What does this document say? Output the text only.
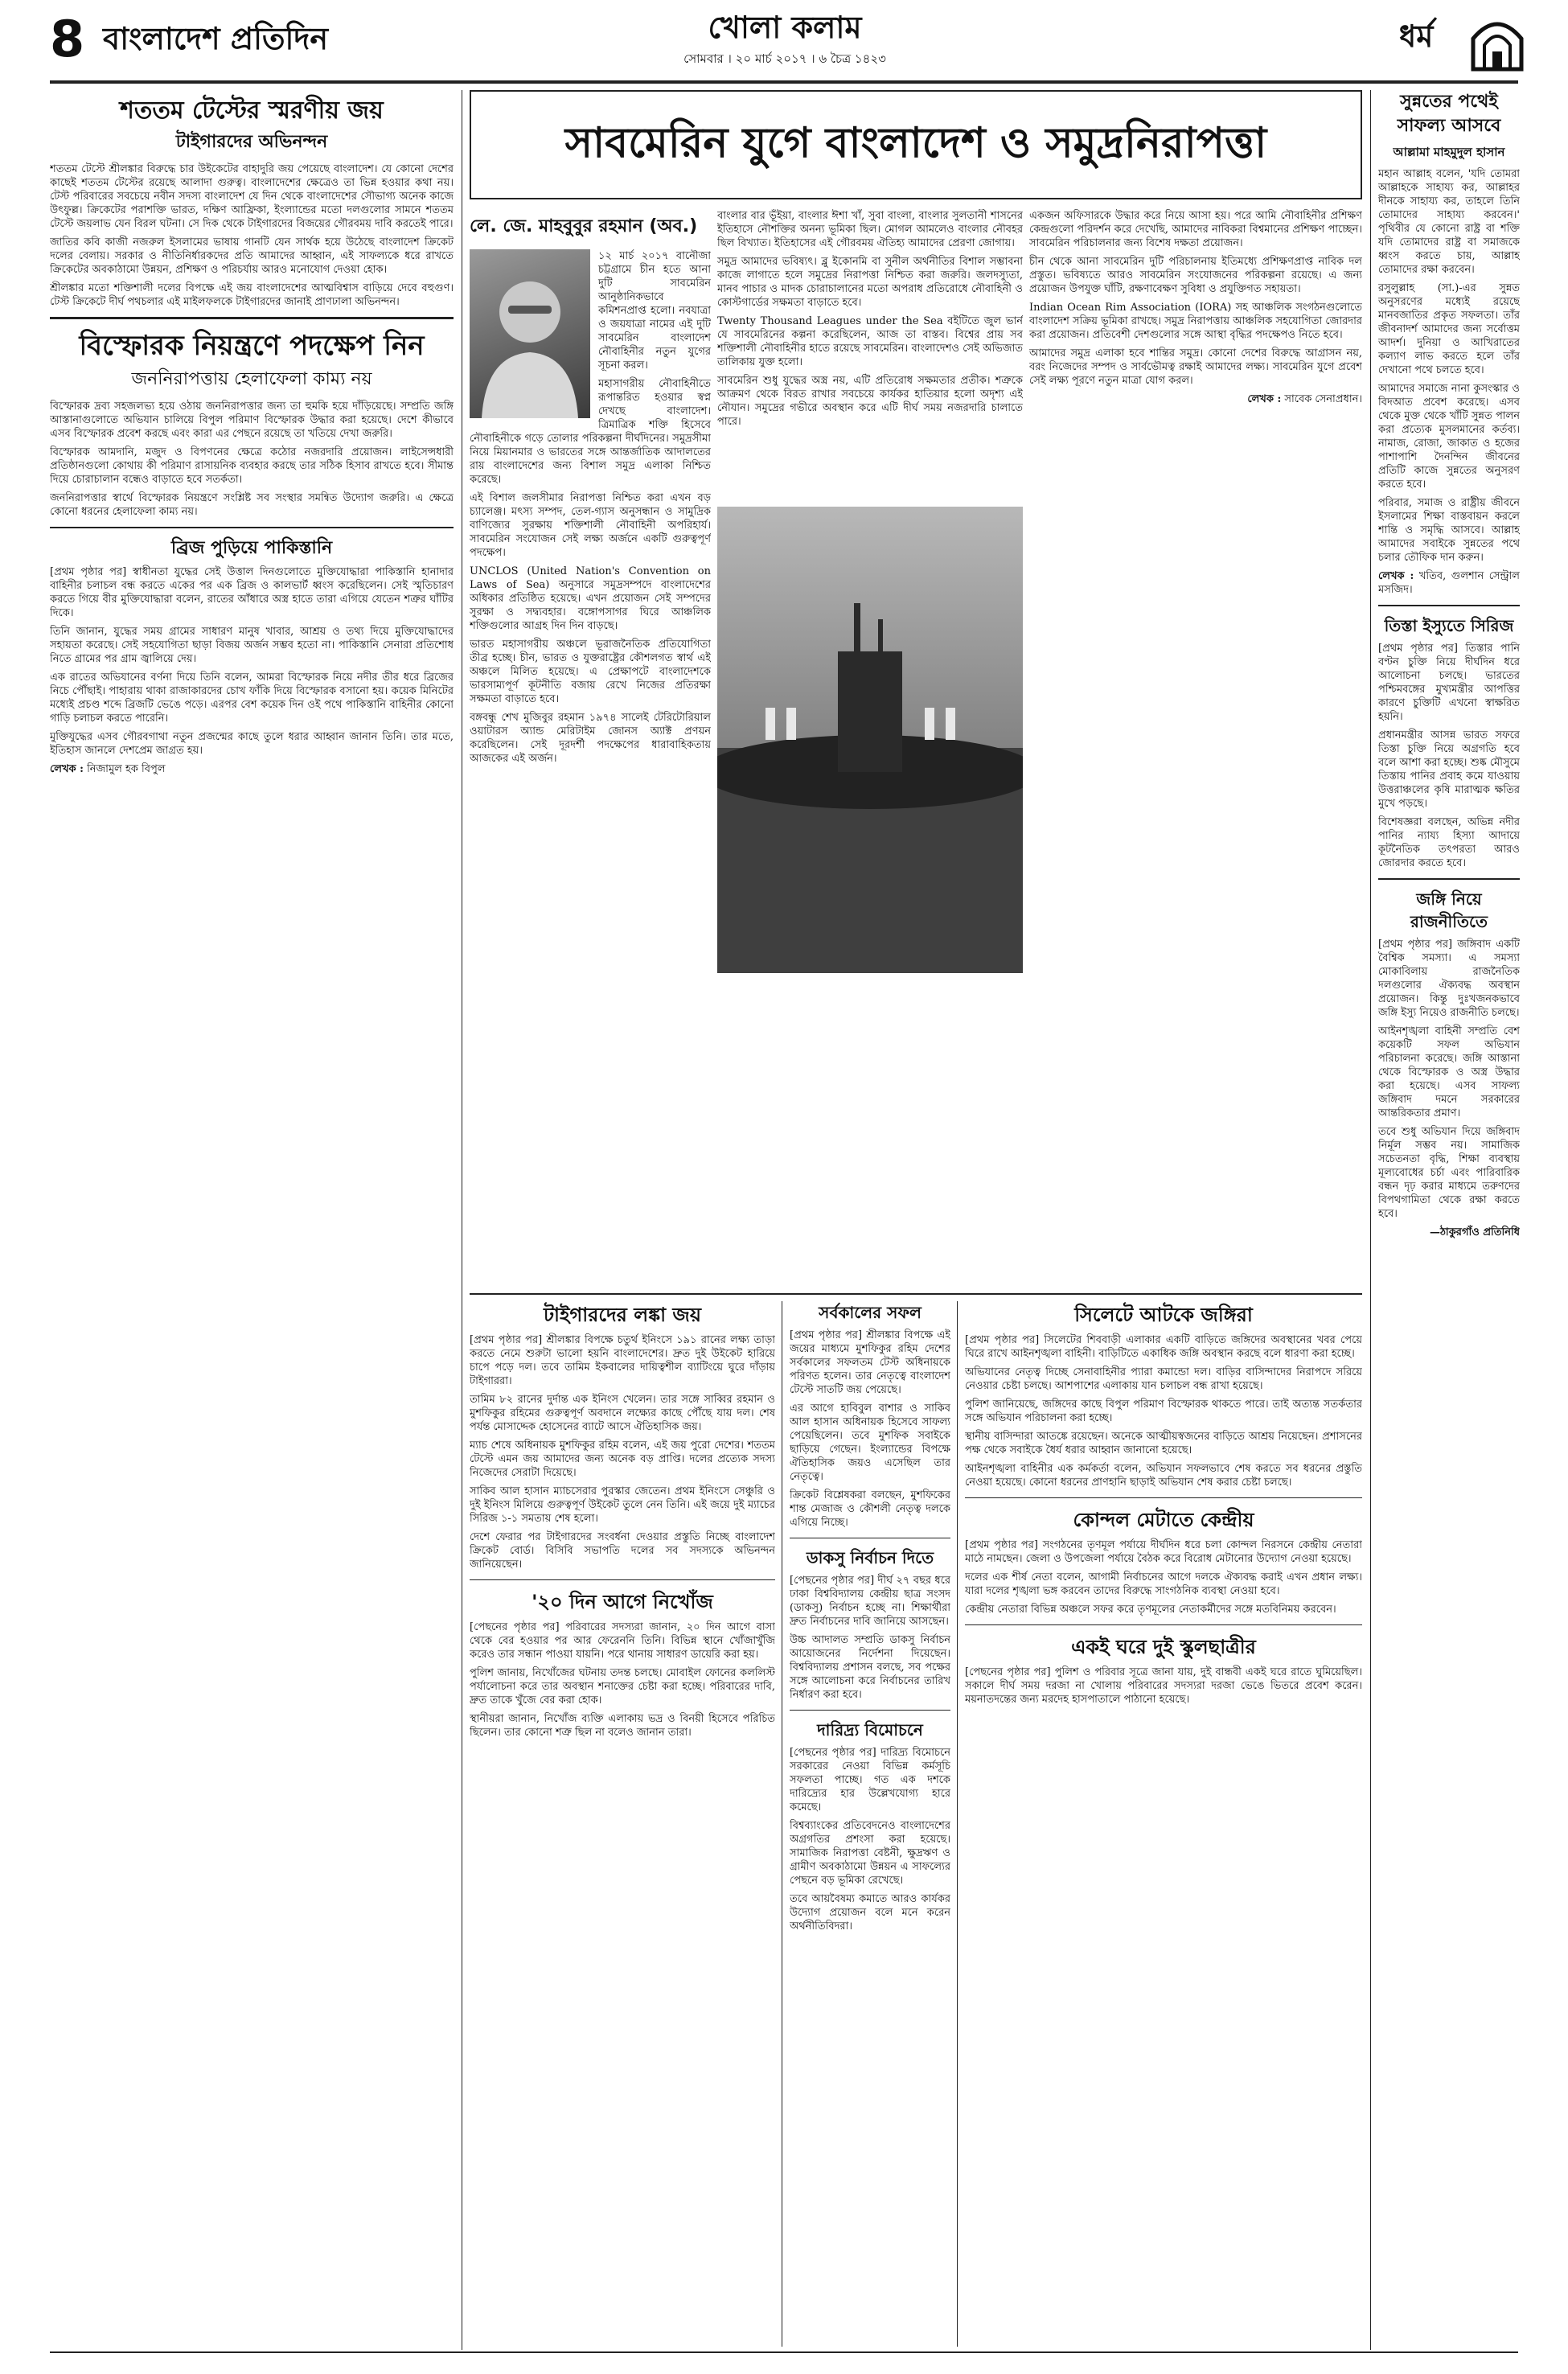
8 বাংলাদেশ প্রতিদিন	খোলা কলাম
সোমবার । ২০ মার্চ ২০১৭ । ৬ চৈত্র ১৪২৩
ধর্ম
শততম টেস্টের স্মরণীয় জয়

টাইগারদের অভিনন্দন

শততম টেস্টে শ্রীলঙ্কার বিরুদ্ধে চার উইকেটের বাহাদুরি জয় পেয়েছে বাংলাদেশ। যে কোনো দেশের কাছেই শততম টেস্টের রয়েছে আলাদা গুরুত্ব। বাংলাদেশের ক্ষেত্রেও তা ভিন্ন হওয়ার কথা নয়। টেস্ট পরিবারের সবচেয়ে নবীন সদস্য বাংলাদেশ যে দিন থেকে বাংলাদেশের সৌভাগ্য অনেক কাজে উৎফুল্ল। ক্রিকেটের পরাশক্তি ভারত, দক্ষিণ আফ্রিকা, ইংল্যান্ডের মতো দলগুলোর সামনে শততম টেস্টে জয়লাভ যেন বিরল ঘটনা। সে দিক থেকে টাইগারদের বিজয়ের গৌরবময় দাবি করতেই পারে।

জাতির কবি কাজী নজরুল ইসলামের ভাষায় গানটি যেন সার্থক হয়ে উঠেছে বাংলাদেশ ক্রিকেট দলের বেলায়। সরকার ও নীতিনির্ধারকদের প্রতি আমাদের আহ্বান, এই সাফল্যকে ধরে রাখতে ক্রিকেটের অবকাঠামো উন্নয়ন, প্রশিক্ষণ ও পরিচর্যায় আরও মনোযোগ দেওয়া হোক।

শ্রীলঙ্কার মতো শক্তিশালী দলের বিপক্ষে এই জয় বাংলাদেশের আত্মবিশ্বাস বাড়িয়ে দেবে বহুগুণ। টেস্ট ক্রিকেটে দীর্ঘ পথচলার এই মাইলফলকে টাইগারদের জানাই প্রাণঢালা অভিনন্দন।

বিস্ফোরক নিয়ন্ত্রণে পদক্ষেপ নিন

জননিরাপত্তায় হেলাফেলা কাম্য নয়

বিস্ফোরক দ্রব্য সহজলভ্য হয়ে ওঠায় জননিরাপত্তার জন্য তা হুমকি হয়ে দাঁড়িয়েছে। সম্প্রতি জঙ্গি আস্তানাগুলোতে অভিযান চালিয়ে বিপুল পরিমাণ বিস্ফোরক উদ্ধার করা হয়েছে। দেশে কীভাবে এসব বিস্ফোরক প্রবেশ করছে এবং কারা এর পেছনে রয়েছে তা খতিয়ে দেখা জরুরি।

বিস্ফোরক আমদানি, মজুদ ও বিপণনের ক্ষেত্রে কঠোর নজরদারি প্রয়োজন। লাইসেন্সধারী প্রতিষ্ঠানগুলো কোথায় কী পরিমাণ রাসায়নিক ব্যবহার করছে তার সঠিক হিসাব রাখতে হবে। সীমান্ত দিয়ে চোরাচালান বন্ধেও বাড়াতে হবে সতর্কতা।

জননিরাপত্তার স্বার্থে বিস্ফোরক নিয়ন্ত্রণে সংশ্লিষ্ট সব সংস্থার সমন্বিত উদ্যোগ জরুরি। এ ক্ষেত্রে কোনো ধরনের হেলাফেলা কাম্য নয়।

ব্রিজ পুড়িয়ে পাকিস্তানি

[প্রথম পৃষ্ঠার পর] স্বাধীনতা যুদ্ধের সেই উত্তাল দিনগুলোতে মুক্তিযোদ্ধারা পাকিস্তানি হানাদার বাহিনীর চলাচল বন্ধ করতে একের পর এক ব্রিজ ও কালভার্ট ধ্বংস করেছিলেন। সেই স্মৃতিচারণ করতে গিয়ে বীর মুক্তিযোদ্ধারা বলেন, রাতের আঁধারে অস্ত্র হাতে তারা এগিয়ে যেতেন শত্রুর ঘাঁটির দিকে।

তিনি জানান, যুদ্ধের সময় গ্রামের সাধারণ মানুষ খাবার, আশ্রয় ও তথ্য দিয়ে মুক্তিযোদ্ধাদের সহায়তা করেছে। সেই সহযোগিতা ছাড়া বিজয় অর্জন সম্ভব হতো না। পাকিস্তানি সেনারা প্রতিশোধ নিতে গ্রামের পর গ্রাম জ্বালিয়ে দেয়।

এক রাতের অভিযানের বর্ণনা দিয়ে তিনি বলেন, আমরা বিস্ফোরক নিয়ে নদীর তীর ধরে ব্রিজের নিচে পৌঁছাই। পাহারায় থাকা রাজাকারদের চোখ ফাঁকি দিয়ে বিস্ফোরক বসানো হয়। কয়েক মিনিটের মধ্যেই প্রচণ্ড শব্দে ব্রিজটি ভেঙে পড়ে। এরপর বেশ কয়েক দিন ওই পথে পাকিস্তানি বাহিনীর কোনো গাড়ি চলাচল করতে পারেনি।

মুক্তিযুদ্ধের এসব গৌরবগাথা নতুন প্রজন্মের কাছে তুলে ধরার আহ্বান জানান তিনি। তার মতে, ইতিহাস জানলে দেশপ্রেম জাগ্রত হয়।

লেখক : নিজামুল হক বিপুল

সাবমেরিন যুগে বাংলাদেশ ও সমুদ্রনিরাপত্তা
লে. জে. মাহবুবুর রহমান (অব.)

১২ মার্চ ২০১৭ বানৌজা চট্টগ্রামে চীন হতে আনা দুটি সাবমেরিন আনুষ্ঠানিকভাবে কমিশনপ্রাপ্ত হলো। নবযাত্রা ও জয়যাত্রা নামের এই দুটি সাবমেরিন বাংলাদেশ নৌবাহিনীর নতুন যুগের সূচনা করল।

মহাসাগরীয় নৌবাহিনীতে রূপান্তরিত হওয়ার স্বপ্ন দেখছে বাংলাদেশ। ত্রিমাত্রিক শক্তি হিসেবে নৌবাহিনীকে গড়ে তোলার পরিকল্পনা দীর্ঘদিনের। সমুদ্রসীমা নিয়ে মিয়ানমার ও ভারতের সঙ্গে আন্তর্জাতিক আদালতের রায় বাংলাদেশের জন্য বিশাল সমুদ্র এলাকা নিশ্চিত করেছে।

এই বিশাল জলসীমার নিরাপত্তা নিশ্চিত করা এখন বড় চ্যালেঞ্জ। মৎস্য সম্পদ, তেল-গ্যাস অনুসন্ধান ও সামুদ্রিক বাণিজ্যের সুরক্ষায় শক্তিশালী নৌবাহিনী অপরিহার্য। সাবমেরিন সংযোজন সেই লক্ষ্য অর্জনে একটি গুরুত্বপূর্ণ পদক্ষেপ।

UNCLOS (United Nation's Convention on Laws of Sea) অনুসারে সমুদ্রসম্পদে বাংলাদেশের অধিকার প্রতিষ্ঠিত হয়েছে। এখন প্রয়োজন সেই সম্পদের সুরক্ষা ও সদ্ব্যবহার। বঙ্গোপসাগর ঘিরে আঞ্চলিক শক্তিগুলোর আগ্রহ দিন দিন বাড়ছে।

ভারত মহাসাগরীয় অঞ্চলে ভূরাজনৈতিক প্রতিযোগিতা তীব্র হচ্ছে। চীন, ভারত ও যুক্তরাষ্ট্রের কৌশলগত স্বার্থ এই অঞ্চলে মিলিত হয়েছে। এ প্রেক্ষাপটে বাংলাদেশকে ভারসাম্যপূর্ণ কূটনীতি বজায় রেখে নিজের প্রতিরক্ষা সক্ষমতা বাড়াতে হবে।

বঙ্গবন্ধু শেখ মুজিবুর রহমান ১৯৭৪ সালেই টেরিটোরিয়াল ওয়াটারস অ্যান্ড মেরিটাইম জোনস অ্যাক্ট প্রণয়ন করেছিলেন। সেই দূরদর্শী পদক্ষেপের ধারাবাহিকতায় আজকের এই অর্জন।

বাংলার বার ভূঁইয়া, বাংলার ঈশা খাঁ, সুবা বাংলা, বাংলার সুলতানী শাসনের ইতিহাসে নৌশক্তির অনন্য ভূমিকা ছিল। মোগল আমলেও বাংলার নৌবহর ছিল বিখ্যাত। ইতিহাসের এই গৌরবময় ঐতিহ্য আমাদের প্রেরণা জোগায়।

সমুদ্র আমাদের ভবিষ্যৎ। ব্লু ইকোনমি বা সুনীল অর্থনীতির বিশাল সম্ভাবনা কাজে লাগাতে হলে সমুদ্রের নিরাপত্তা নিশ্চিত করা জরুরি। জলদস্যুতা, মানব পাচার ও মাদক চোরাচালানের মতো অপরাধ প্রতিরোধে নৌবাহিনী ও কোস্টগার্ডের সক্ষমতা বাড়াতে হবে।

Twenty Thousand Leagues under the Sea বইটিতে জুল ভার্ন যে সাবমেরিনের কল্পনা করেছিলেন, আজ তা বাস্তব। বিশ্বের প্রায় সব শক্তিশালী নৌবাহিনীর হাতে রয়েছে সাবমেরিন। বাংলাদেশও সেই অভিজাত তালিকায় যুক্ত হলো।

সাবমেরিন শুধু যুদ্ধের অস্ত্র নয়, এটি প্রতিরোধ সক্ষমতার প্রতীক। শত্রুকে আক্রমণ থেকে বিরত রাখার সবচেয়ে কার্যকর হাতিয়ার হলো অদৃশ্য এই নৌযান। সমুদ্রের গভীরে অবস্থান করে এটি দীর্ঘ সময় নজরদারি চালাতে পারে।

একজন অফিসারকে উদ্ধার করে নিয়ে আসা হয়। পরে আমি নৌবাহিনীর প্রশিক্ষণ কেন্দ্রগুলো পরিদর্শন করে দেখেছি, আমাদের নাবিকরা বিশ্বমানের প্রশিক্ষণ পাচ্ছেন। সাবমেরিন পরিচালনার জন্য বিশেষ দক্ষতা প্রয়োজন।

চীন থেকে আনা সাবমেরিন দুটি পরিচালনায় ইতিমধ্যে প্রশিক্ষণপ্রাপ্ত নাবিক দল প্রস্তুত। ভবিষ্যতে আরও সাবমেরিন সংযোজনের পরিকল্পনা রয়েছে। এ জন্য প্রয়োজন উপযুক্ত ঘাঁটি, রক্ষণাবেক্ষণ সুবিধা ও প্রযুক্তিগত সহায়তা।

Indian Ocean Rim Association (IORA) সহ আঞ্চলিক সংগঠনগুলোতে বাংলাদেশ সক্রিয় ভূমিকা রাখছে। সমুদ্র নিরাপত্তায় আঞ্চলিক সহযোগিতা জোরদার করা প্রয়োজন। প্রতিবেশী দেশগুলোর সঙ্গে আস্থা বৃদ্ধির পদক্ষেপও নিতে হবে।

আমাদের সমুদ্র এলাকা হবে শান্তির সমুদ্র। কোনো দেশের বিরুদ্ধে আগ্রাসন নয়, বরং নিজেদের সম্পদ ও সার্বভৌমত্ব রক্ষাই আমাদের লক্ষ্য। সাবমেরিন যুগে প্রবেশ সেই লক্ষ্য পূরণে নতুন মাত্রা যোগ করল।

লেখক : সাবেক সেনাপ্রধান।

টাইগারদের লঙ্কা জয়

[প্রথম পৃষ্ঠার পর] শ্রীলঙ্কার বিপক্ষে চতুর্থ ইনিংসে ১৯১ রানের লক্ষ্য তাড়া করতে নেমে শুরুটা ভালো হয়নি বাংলাদেশের। দ্রুত দুই উইকেট হারিয়ে চাপে পড়ে দল। তবে তামিম ইকবালের দায়িত্বশীল ব্যাটিংয়ে ঘুরে দাঁড়ায় টাইগাররা।

তামিম ৮২ রানের দুর্দান্ত এক ইনিংস খেলেন। তার সঙ্গে সাব্বির রহমান ও মুশফিকুর রহিমের গুরুত্বপূর্ণ অবদানে লক্ষ্যের কাছে পৌঁছে যায় দল। শেষ পর্যন্ত মোসাদ্দেক হোসেনের ব্যাটে আসে ঐতিহাসিক জয়।

ম্যাচ শেষে অধিনায়ক মুশফিকুর রহিম বলেন, এই জয় পুরো দেশের। শততম টেস্টে এমন জয় আমাদের জন্য অনেক বড় প্রাপ্তি। দলের প্রত্যেক সদস্য নিজেদের সেরাটা দিয়েছে।

সাকিব আল হাসান ম্যাচসেরার পুরস্কার জেতেন। প্রথম ইনিংসে সেঞ্চুরি ও দুই ইনিংস মিলিয়ে গুরুত্বপূর্ণ উইকেট তুলে নেন তিনি। এই জয়ে দুই ম্যাচের সিরিজ ১-১ সমতায় শেষ হলো।

দেশে ফেরার পর টাইগারদের সংবর্ধনা দেওয়ার প্রস্তুতি নিচ্ছে বাংলাদেশ ক্রিকেট বোর্ড। বিসিবি সভাপতি দলের সব সদস্যকে অভিনন্দন জানিয়েছেন।

'২০ দিন আগে নিখোঁজ

[পেছনের পৃষ্ঠার পর] পরিবারের সদস্যরা জানান, ২০ দিন আগে বাসা থেকে বের হওয়ার পর আর ফেরেননি তিনি। বিভিন্ন স্থানে খোঁজাখুঁজি করেও তার সন্ধান পাওয়া যায়নি। পরে থানায় সাধারণ ডায়েরি করা হয়।

পুলিশ জানায়, নিখোঁজের ঘটনায় তদন্ত চলছে। মোবাইল ফোনের কললিস্ট পর্যালোচনা করে তার অবস্থান শনাক্তের চেষ্টা করা হচ্ছে। পরিবারের দাবি, দ্রুত তাকে খুঁজে বের করা হোক।

স্থানীয়রা জানান, নিখোঁজ ব্যক্তি এলাকায় ভদ্র ও বিনয়ী হিসেবে পরিচিত ছিলেন। তার কোনো শত্রু ছিল না বলেও জানান তারা।

সর্বকালের সফল

[প্রথম পৃষ্ঠার পর] শ্রীলঙ্কার বিপক্ষে এই জয়ের মাধ্যমে মুশফিকুর রহিম দেশের সর্বকালের সফলতম টেস্ট অধিনায়কে পরিণত হলেন। তার নেতৃত্বে বাংলাদেশ টেস্টে সাতটি জয় পেয়েছে।

এর আগে হাবিবুল বাশার ও সাকিব আল হাসান অধিনায়ক হিসেবে সাফল্য পেয়েছিলেন। তবে মুশফিক সবাইকে ছাড়িয়ে গেছেন। ইংল্যান্ডের বিপক্ষে ঐতিহাসিক জয়ও এসেছিল তার নেতৃত্বে।

ক্রিকেট বিশ্লেষকরা বলছেন, মুশফিকের শান্ত মেজাজ ও কৌশলী নেতৃত্ব দলকে এগিয়ে নিচ্ছে।

ডাকসু নির্বাচন দিতে

[পেছনের পৃষ্ঠার পর] দীর্ঘ ২৭ বছর ধরে ঢাকা বিশ্ববিদ্যালয় কেন্দ্রীয় ছাত্র সংসদ (ডাকসু) নির্বাচন হচ্ছে না। শিক্ষার্থীরা দ্রুত নির্বাচনের দাবি জানিয়ে আসছেন।

উচ্চ আদালত সম্প্রতি ডাকসু নির্বাচন আয়োজনের নির্দেশনা দিয়েছেন। বিশ্ববিদ্যালয় প্রশাসন বলছে, সব পক্ষের সঙ্গে আলোচনা করে নির্বাচনের তারিখ নির্ধারণ করা হবে।

দারিদ্র্য বিমোচনে

[পেছনের পৃষ্ঠার পর] দারিদ্র্য বিমোচনে সরকারের নেওয়া বিভিন্ন কর্মসূচি সফলতা পাচ্ছে। গত এক দশকে দারিদ্র্যের হার উল্লেখযোগ্য হারে কমেছে।

বিশ্বব্যাংকের প্রতিবেদনেও বাংলাদেশের অগ্রগতির প্রশংসা করা হয়েছে। সামাজিক নিরাপত্তা বেষ্টনী, ক্ষুদ্রঋণ ও গ্রামীণ অবকাঠামো উন্নয়ন এ সাফল্যের পেছনে বড় ভূমিকা রেখেছে।

তবে আয়বৈষম্য কমাতে আরও কার্যকর উদ্যোগ প্রয়োজন বলে মনে করেন অর্থনীতিবিদরা।

সিলেটে আটকে জঙ্গিরা

[প্রথম পৃষ্ঠার পর] সিলেটের শিববাড়ী এলাকার একটি বাড়িতে জঙ্গিদের অবস্থানের খবর পেয়ে ঘিরে রাখে আইনশৃঙ্খলা বাহিনী। বাড়িটিতে একাধিক জঙ্গি অবস্থান করছে বলে ধারণা করা হচ্ছে।

অভিযানের নেতৃত্ব দিচ্ছে সেনাবাহিনীর প্যারা কমান্ডো দল। বাড়ির বাসিন্দাদের নিরাপদে সরিয়ে নেওয়ার চেষ্টা চলছে। আশপাশের এলাকায় যান চলাচল বন্ধ রাখা হয়েছে।

পুলিশ জানিয়েছে, জঙ্গিদের কাছে বিপুল পরিমাণ বিস্ফোরক থাকতে পারে। তাই অত্যন্ত সতর্কতার সঙ্গে অভিযান পরিচালনা করা হচ্ছে।

স্থানীয় বাসিন্দারা আতঙ্কে রয়েছেন। অনেকে আত্মীয়স্বজনের বাড়িতে আশ্রয় নিয়েছেন। প্রশাসনের পক্ষ থেকে সবাইকে ধৈর্য ধরার আহ্বান জানানো হয়েছে।

আইনশৃঙ্খলা বাহিনীর এক কর্মকর্তা বলেন, অভিযান সফলভাবে শেষ করতে সব ধরনের প্রস্তুতি নেওয়া হয়েছে। কোনো ধরনের প্রাণহানি ছাড়াই অভিযান শেষ করার চেষ্টা চলছে।

কোন্দল মেটাতে কেন্দ্রীয়

[প্রথম পৃষ্ঠার পর] সংগঠনের তৃণমূল পর্যায়ে দীর্ঘদিন ধরে চলা কোন্দল নিরসনে কেন্দ্রীয় নেতারা মাঠে নামছেন। জেলা ও উপজেলা পর্যায়ে বৈঠক করে বিরোধ মেটানোর উদ্যোগ নেওয়া হয়েছে।

দলের এক শীর্ষ নেতা বলেন, আগামী নির্বাচনের আগে দলকে ঐক্যবদ্ধ করাই এখন প্রধান লক্ষ্য। যারা দলের শৃঙ্খলা ভঙ্গ করবেন তাদের বিরুদ্ধে সাংগঠনিক ব্যবস্থা নেওয়া হবে।

কেন্দ্রীয় নেতারা বিভিন্ন অঞ্চলে সফর করে তৃণমূলের নেতাকর্মীদের সঙ্গে মতবিনিময় করবেন।

একই ঘরে দুই স্কুলছাত্রীর

[পেছনের পৃষ্ঠার পর] পুলিশ ও পরিবার সূত্রে জানা যায়, দুই বান্ধবী একই ঘরে রাতে ঘুমিয়েছিল। সকালে দীর্ঘ সময় দরজা না খোলায় পরিবারের সদস্যরা দরজা ভেঙে ভিতরে প্রবেশ করেন। ময়নাতদন্তের জন্য মরদেহ হাসপাতালে পাঠানো হয়েছে।

সুন্নতের পথেই সাফল্য আসবে
আল্লামা মাহমুদুল হাসান

মহান আল্লাহ বলেন, 'যদি তোমরা আল্লাহকে সাহায্য কর, আল্লাহর দীনকে সাহায্য কর, তাহলে তিনি তোমাদের সাহায্য করবেন।' পৃথিবীর যে কোনো রাষ্ট্র বা শক্তি যদি তোমাদের রাষ্ট্র বা সমাজকে ধ্বংস করতে চায়, আল্লাহ তোমাদের রক্ষা করবেন।

রসুলুল্লাহ (সা.)-এর সুন্নত অনুসরণের মধ্যেই রয়েছে মানবজাতির প্রকৃত সফলতা। তাঁর জীবনাদর্শ আমাদের জন্য সর্বোত্তম আদর্শ। দুনিয়া ও আখিরাতের কল্যাণ লাভ করতে হলে তাঁর দেখানো পথে চলতে হবে।

আমাদের সমাজে নানা কুসংস্কার ও বিদআত প্রবেশ করেছে। এসব থেকে মুক্ত থেকে খাঁটি সুন্নত পালন করা প্রত্যেক মুসলমানের কর্তব্য। নামাজ, রোজা, জাকাত ও হজের পাশাপাশি দৈনন্দিন জীবনের প্রতিটি কাজে সুন্নতের অনুসরণ করতে হবে।

পরিবার, সমাজ ও রাষ্ট্রীয় জীবনে ইসলামের শিক্ষা বাস্তবায়ন করলে শান্তি ও সমৃদ্ধি আসবে। আল্লাহ আমাদের সবাইকে সুন্নতের পথে চলার তৌফিক দান করুন।

লেখক : খতিব, গুলশান সেন্ট্রাল মসজিদ।

তিস্তা ইস্যুতে সিরিজ

[প্রথম পৃষ্ঠার পর] তিস্তার পানি বণ্টন চুক্তি নিয়ে দীর্ঘদিন ধরে আলোচনা চলছে। ভারতের পশ্চিমবঙ্গের মুখ্যমন্ত্রীর আপত্তির কারণে চুক্তিটি এখনো স্বাক্ষরিত হয়নি।

প্রধানমন্ত্রীর আসন্ন ভারত সফরে তিস্তা চুক্তি নিয়ে অগ্রগতি হবে বলে আশা করা হচ্ছে। শুষ্ক মৌসুমে তিস্তায় পানির প্রবাহ কমে যাওয়ায় উত্তরাঞ্চলের কৃষি মারাত্মক ক্ষতির মুখে পড়ছে।

বিশেষজ্ঞরা বলছেন, অভিন্ন নদীর পানির ন্যায্য হিস্যা আদায়ে কূটনৈতিক তৎপরতা আরও জোরদার করতে হবে।

জঙ্গি নিয়ে রাজনীতিতে

[প্রথম পৃষ্ঠার পর] জঙ্গিবাদ একটি বৈশ্বিক সমস্যা। এ সমস্যা মোকাবিলায় রাজনৈতিক দলগুলোর ঐক্যবদ্ধ অবস্থান প্রয়োজন। কিন্তু দুঃখজনকভাবে জঙ্গি ইস্যু নিয়েও রাজনীতি চলছে।

আইনশৃঙ্খলা বাহিনী সম্প্রতি বেশ কয়েকটি সফল অভিযান পরিচালনা করেছে। জঙ্গি আস্তানা থেকে বিস্ফোরক ও অস্ত্র উদ্ধার করা হয়েছে। এসব সাফল্য জঙ্গিবাদ দমনে সরকারের আন্তরিকতার প্রমাণ।

তবে শুধু অভিযান দিয়ে জঙ্গিবাদ নির্মূল সম্ভব নয়। সামাজিক সচেতনতা বৃদ্ধি, শিক্ষা ব্যবস্থায় মূল্যবোধের চর্চা এবং পারিবারিক বন্ধন দৃঢ় করার মাধ্যমে তরুণদের বিপথগামিতা থেকে রক্ষা করতে হবে।

—ঠাকুরগাঁও প্রতিনিধি
